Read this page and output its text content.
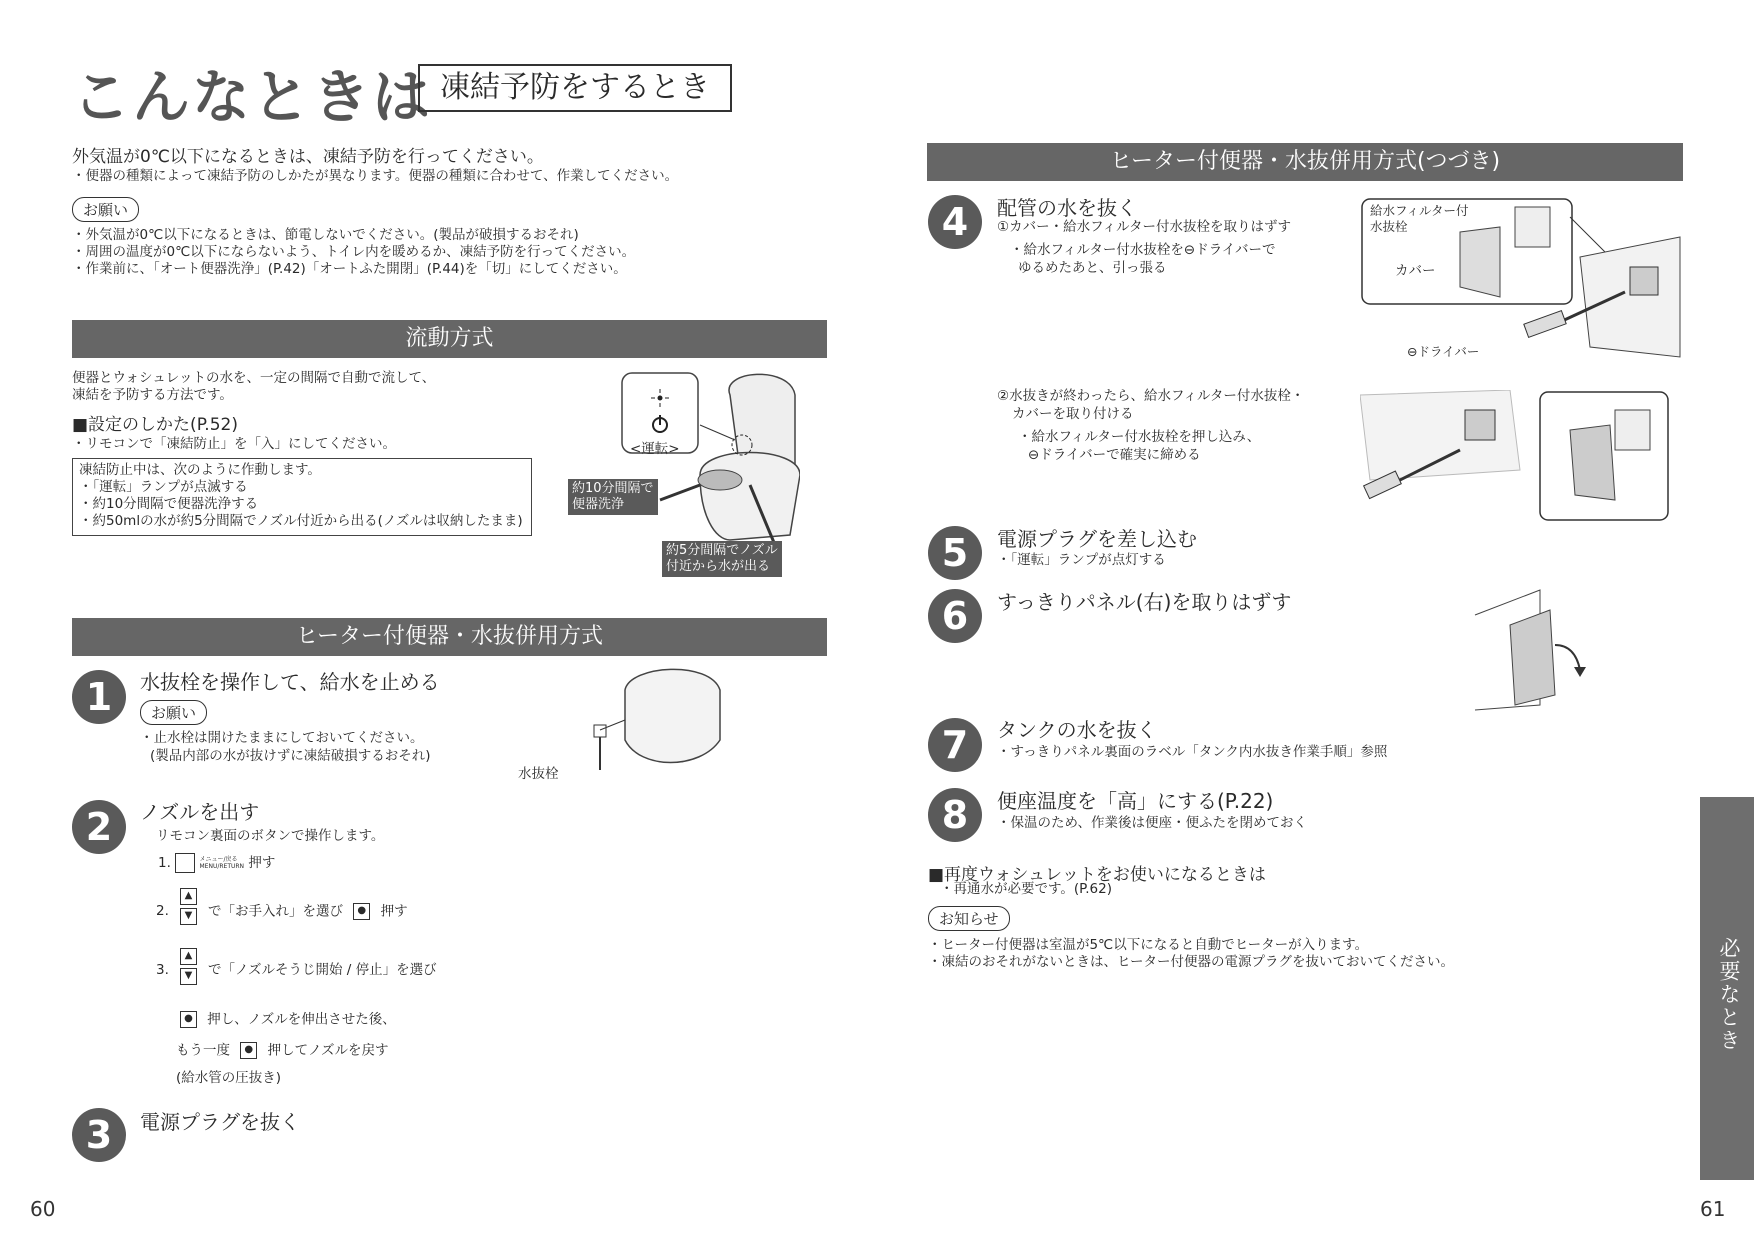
こんなときは 凍結予防をするとき
外気温が0℃以下になるときは、凍結予防を行ってください。
・便器の種類によって凍結予防のしかたが異なります。便器の種類に合わせて、作業してください。
お願い
・外気温が0℃以下になるときは、節電しないでください。(製品が破損するおそれ)
・周囲の温度が0℃以下にならないよう、トイレ内を暖めるか、凍結予防を行ってください。
・作業前に、「オート便器洗浄」(P.42)「オートふた開閉」(P.44)を「切」にしてください。
流動方式
便器とウォシュレットの水を、一定の間隔で自動で流して、
凍結を予防する方法です。
■設定のしかた(P.52)
・リモコンで「凍結防止」を「入」にしてください。
凍結防止中は、次のように作動します。
・「運転」ランプが点滅する
・約10分間隔で便器洗浄する
・約50mlの水が約5分間隔でノズル付近から出る(ノズルは収納したまま)
<運転>
約10分間隔で
便器洗浄
約5分間隔でノズル
付近から水が出る
ヒーター付便器・水抜併用方式
1	水抜栓を操作して、給水を止める
お願い
・止水栓は開けたままにしておいてください。
(製品内部の水が抜けずに凍結破損するおそれ)
水抜栓
2	ノズルを出す
リモコン裏面のボタンで操作します。
1.	メニュー/戻る
MENU/RETURN 押す
▲
▼
2.	で「お手入れ」を選び ● 押す
▲
▼
3.	で「ノズルそうじ開始 / 停止」を選び
● 押し、ノズルを伸出させた後、
もう一度 ● 押してノズルを戻す
(給水管の圧抜き)
3	電源プラグを抜く
60
ヒーター付便器・水抜併用方式(つづき)
4	配管の水を抜く
①カバー・給水フィルター付水抜栓を取りはずす
・給水フィルター付水抜栓を⊖ドライバーで
ゆるめたあと、引っ張る
給水フィルター付
水抜栓
カバー
⊖ドライバー
②水抜きが終わったら、給水フィルター付水抜栓・
カバーを取り付ける
・給水フィルター付水抜栓を押し込み、
⊖ドライバーで確実に締める
5	電源プラグを差し込む
・「運転」ランプが点灯する
6	すっきりパネル(右)を取りはずす
7	タンクの水を抜く
・すっきりパネル裏面のラベル「タンク内水抜き作業手順」参照
8	便座温度を「高」にする(P.22)
・保温のため、作業後は便座・便ふたを閉めておく
■再度ウォシュレットをお使いになるときは
・再通水が必要です。(P.62)
お知らせ
・ヒーター付便器は室温が5℃以下になると自動でヒーターが入ります。
・凍結のおそれがないときは、ヒーター付便器の電源プラグを抜いておいてください。	必要なとき
61
